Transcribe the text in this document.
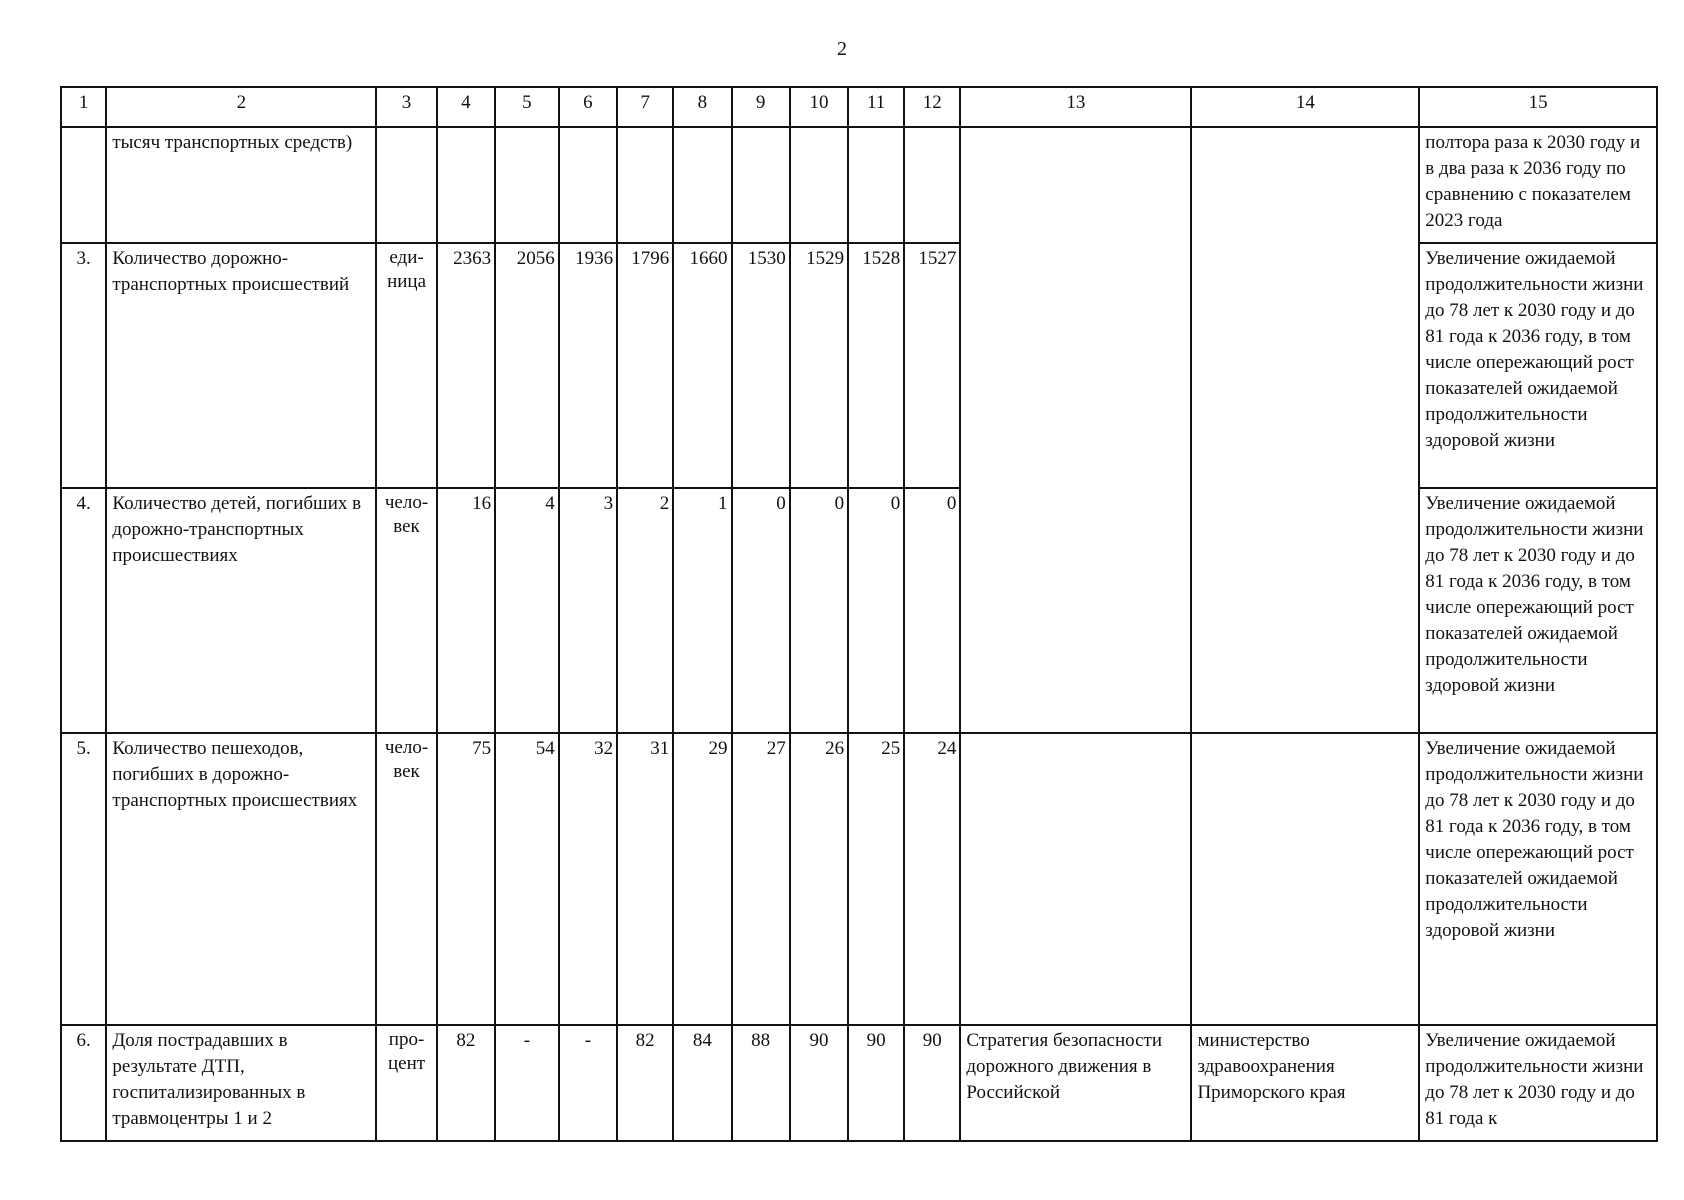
2
1	2	3	4	5	6	7	8	9	10	11	12	13	14	15
	тысяч транспортных средств)													полтора раза к 2030 году и в два раза к 2036 году по сравнению с показателем 2023 года
3.	Количество дорожно-транспортных происшествий	еди-ница	2363	2056	1936	1796	1660	1530	1529	1528	1527			Увеличение ожидаемой продолжительности жизни до 78 лет к 2030 году и до 81 года к 2036 году, в том числе опережающий рост показателей ожидаемой продолжительности здоровой жизни
4.	Количество детей, погибших в дорожно-транспортных происшествиях	чело-век	16	4	3	2	1	0	0	0	0			Увеличение ожидаемой продолжительности жизни до 78 лет к 2030 году и до 81 года к 2036 году, в том числе опережающий рост показателей ожидаемой продолжительности здоровой жизни
5.	Количество пешеходов, погибших в дорожно-транспортных происшествиях	чело-век	75	54	32	31	29	27	26	25	24			Увеличение ожидаемой продолжительности жизни до 78 лет к 2030 году и до 81 года к 2036 году, в том числе опережающий рост показателей ожидаемой продолжительности здоровой жизни
6.	Доля пострадавших в результате ДТП, госпитализированных в травмоцентры 1 и 2	про-цент	82	-	-	82	84	88	90	90	90	Стратегия безопасности дорожного движения в Российской	министерство здравоохранения Приморского края	Увеличение ожидаемой продолжительности жизни до 78 лет к 2030 году и до 81 года к
